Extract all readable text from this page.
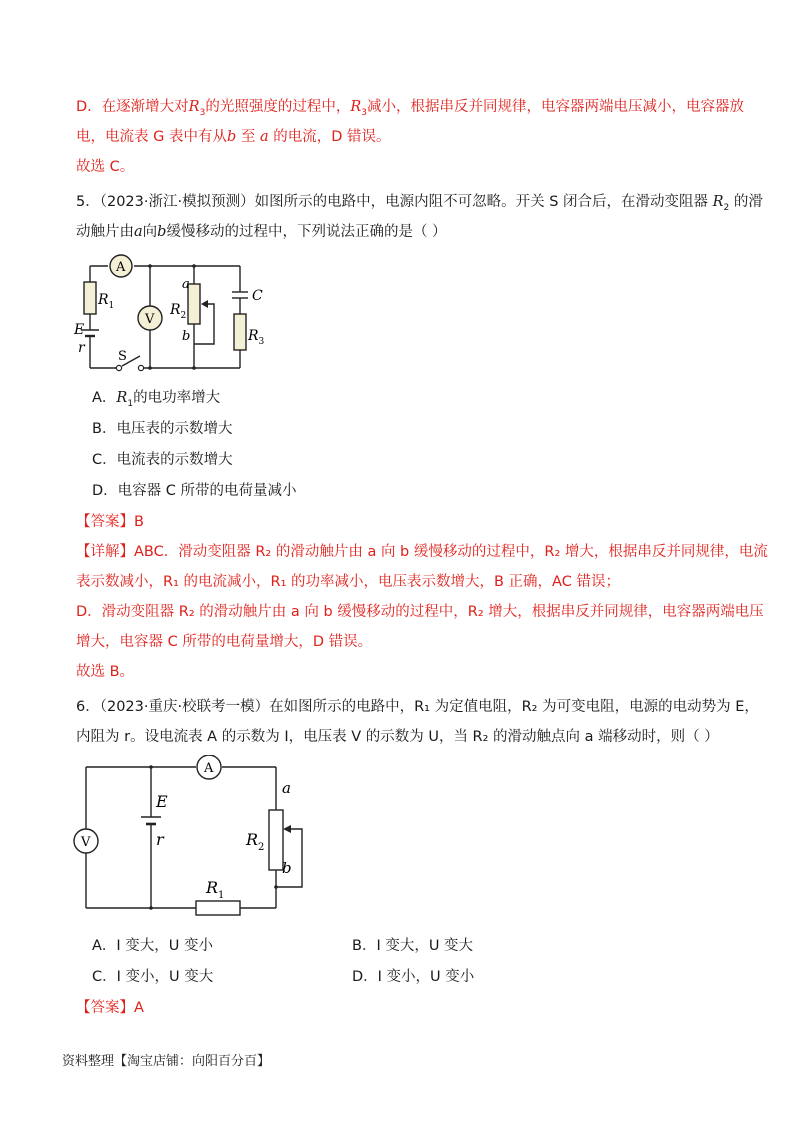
D．在逐渐增大对$R_3$的光照强度的过程中，$R_3$减小，根据串反并同规律，电容器两端电压减小，电容器放
电，电流表 G 表中有从b 至 a 的电流，D 错误。
故选 C。
5．（2023·浙江·模拟预测）如图所示的电路中，电源内阻不可忽略。开关 S 闭合后，在滑动变阻器 $R_2$ 的滑
动触片由a向b缓慢移动的过程中，下列说法正确的是（ ）
A
V
$R_1$	$R_2$
$R_3$
C
E
r
S
a
b
A．$R_1$的电功率增大
B．电压表的示数增大
C．电流表的示数增大
D．电容器 C 所带的电荷量减小
【答案】B
【详解】ABC．滑动变阻器 R₂ 的滑动触片由 a 向 b 缓慢移动的过程中，R₂ 增大，根据串反并同规律，电流
表示数减小，R₁ 的电流减小，R₁ 的功率减小，电压表示数增大，B 正确，AC 错误；
D．滑动变阻器 R₂ 的滑动触片由 a 向 b 缓慢移动的过程中，R₂ 增大，根据串反并同规律，电容器两端电压
增大，电容器 C 所带的电荷量增大，D 错误。
故选 B。
6．（2023·重庆·校联考一模）在如图所示的电路中，R₁ 为定值电阻，R₂ 为可变电阻，电源的电动势为 E，
内阻为 r。设电流表 A 的示数为 I，电压表 V 的示数为 U，当 R₂ 的滑动触点向 a 端移动时，则（ ）
A
V
E
r	$R_2$
$R_1$
a
b
A．I 变大，U 变小	B．I 变大，U 变大
C．I 变小，U 变大	D．I 变小，U 变小
【答案】A
资料整理【淘宝店铺：向阳百分百】
